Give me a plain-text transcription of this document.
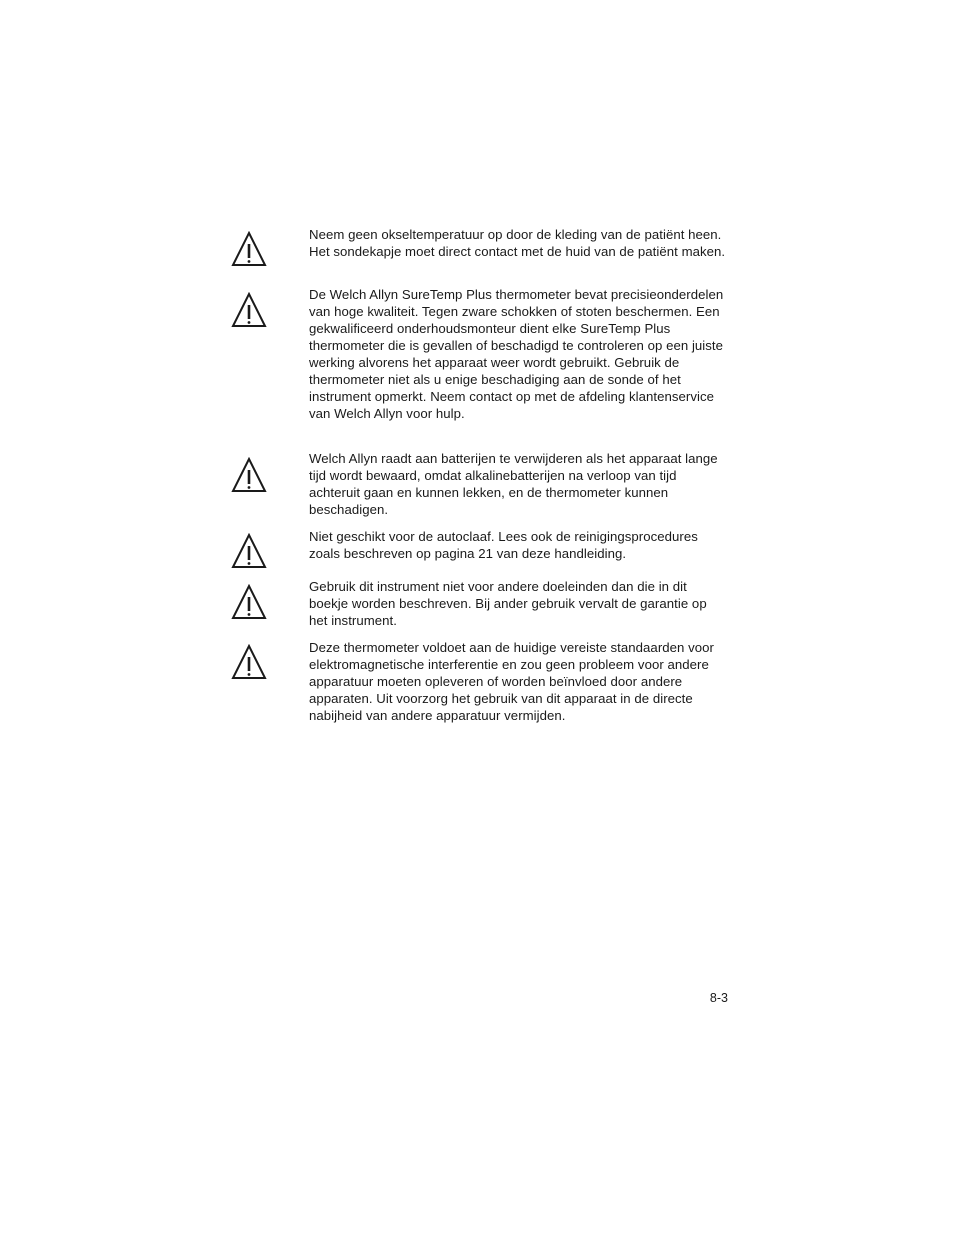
Neem geen okseltemperatuur op door de kleding van de patiënt heen. Het sondekapje moet direct contact met de huid van de patiënt maken.

De Welch Allyn SureTemp Plus thermometer bevat precisieonderdelen van hoge kwaliteit. Tegen zware schokken of stoten beschermen. Een gekwalificeerd onderhoudsmonteur dient elke SureTemp Plus thermometer die is gevallen of beschadigd te controleren op een juiste werking alvorens het apparaat weer wordt gebruikt. Gebruik de thermometer niet als u enige beschadiging aan de sonde of het instrument opmerkt. Neem contact op met de afdeling klantenservice van Welch Allyn voor hulp.

Welch Allyn raadt aan batterijen te verwijderen als het apparaat lange tijd wordt bewaard, omdat alkalinebatterijen na verloop van tijd achteruit gaan en kunnen lekken, en de thermometer kunnen beschadigen.

Niet geschikt voor de autoclaaf. Lees ook de reinigingsprocedures zoals beschreven op pagina 21 van deze handleiding.

Gebruik dit instrument niet voor andere doeleinden dan die in dit boekje worden beschreven. Bij ander gebruik vervalt de garantie op het instrument.

Deze thermometer voldoet aan de huidige vereiste standaarden voor elektromagnetische interferentie en zou geen probleem voor andere apparatuur moeten opleveren of worden beïnvloed door andere apparaten. Uit voorzorg het gebruik van dit apparaat in de directe nabijheid van andere apparatuur vermijden.

8-3
